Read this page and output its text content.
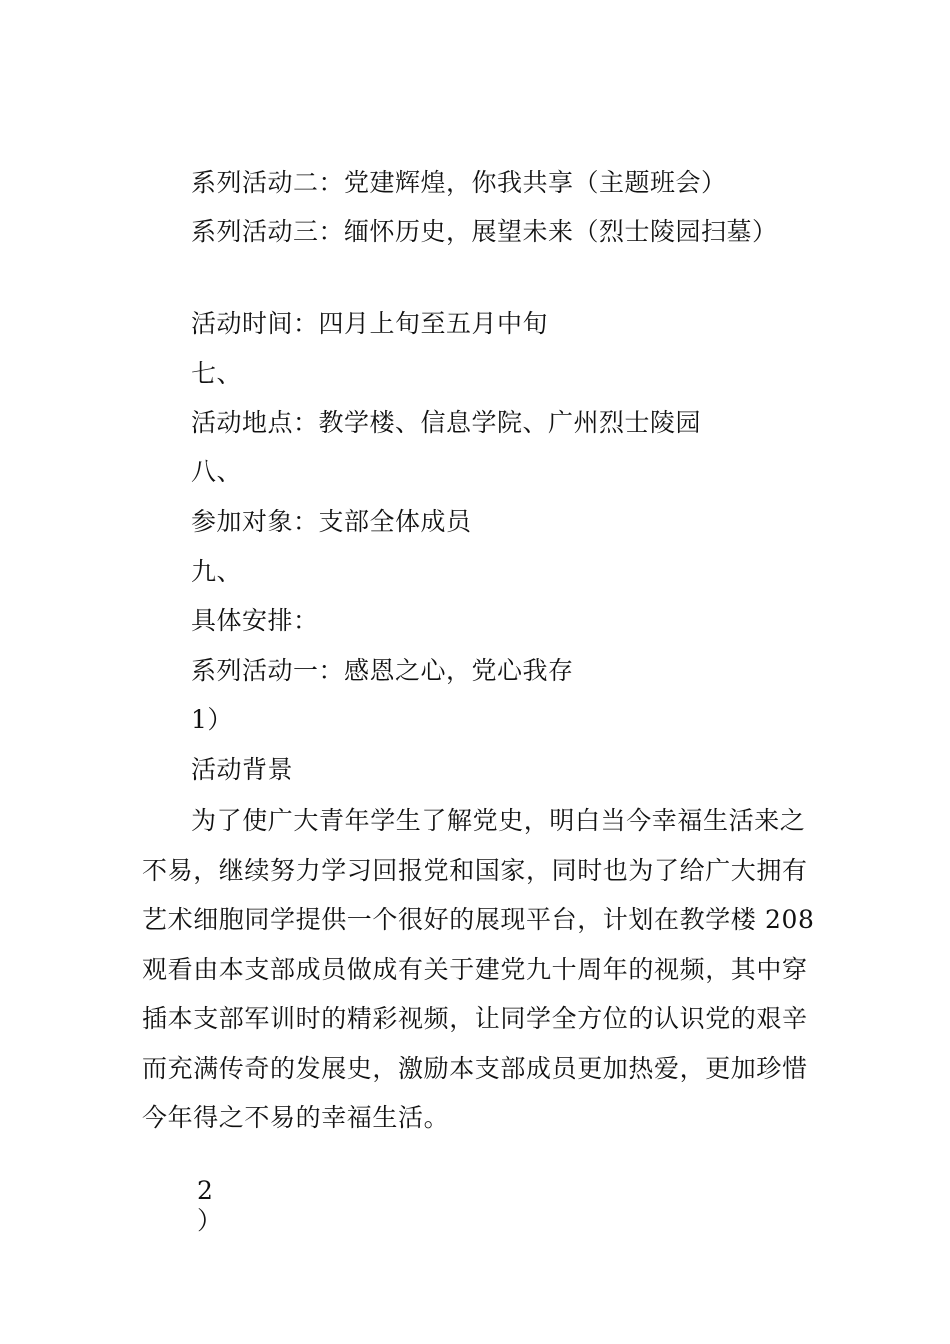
系列活动二：党建辉煌，你我共享（主题班会）
系列活动三：缅怀历史，展望未来（烈士陵园扫墓）
活动时间：四月上旬至五月中旬
七、
活动地点：教学楼、信息学院、广州烈士陵园
八、
参加对象：支部全体成员
九、
具体安排：
系列活动一：感恩之心，党心我存
1）
活动背景
为了使广大青年学生了解党史，明白当今幸福生活来之
不易，继续努力学习回报党和国家，同时也为了给广大拥有
艺术细胞同学提供一个很好的展现平台，计划在教学楼 208
观看由本支部成员做成有关于建党九十周年的视频，其中穿
插本支部军训时的精彩视频，让同学全方位的认识党的艰辛
而充满传奇的发展史，激励本支部成员更加热爱，更加珍惜
今年得之不易的幸福生活。
2
）
